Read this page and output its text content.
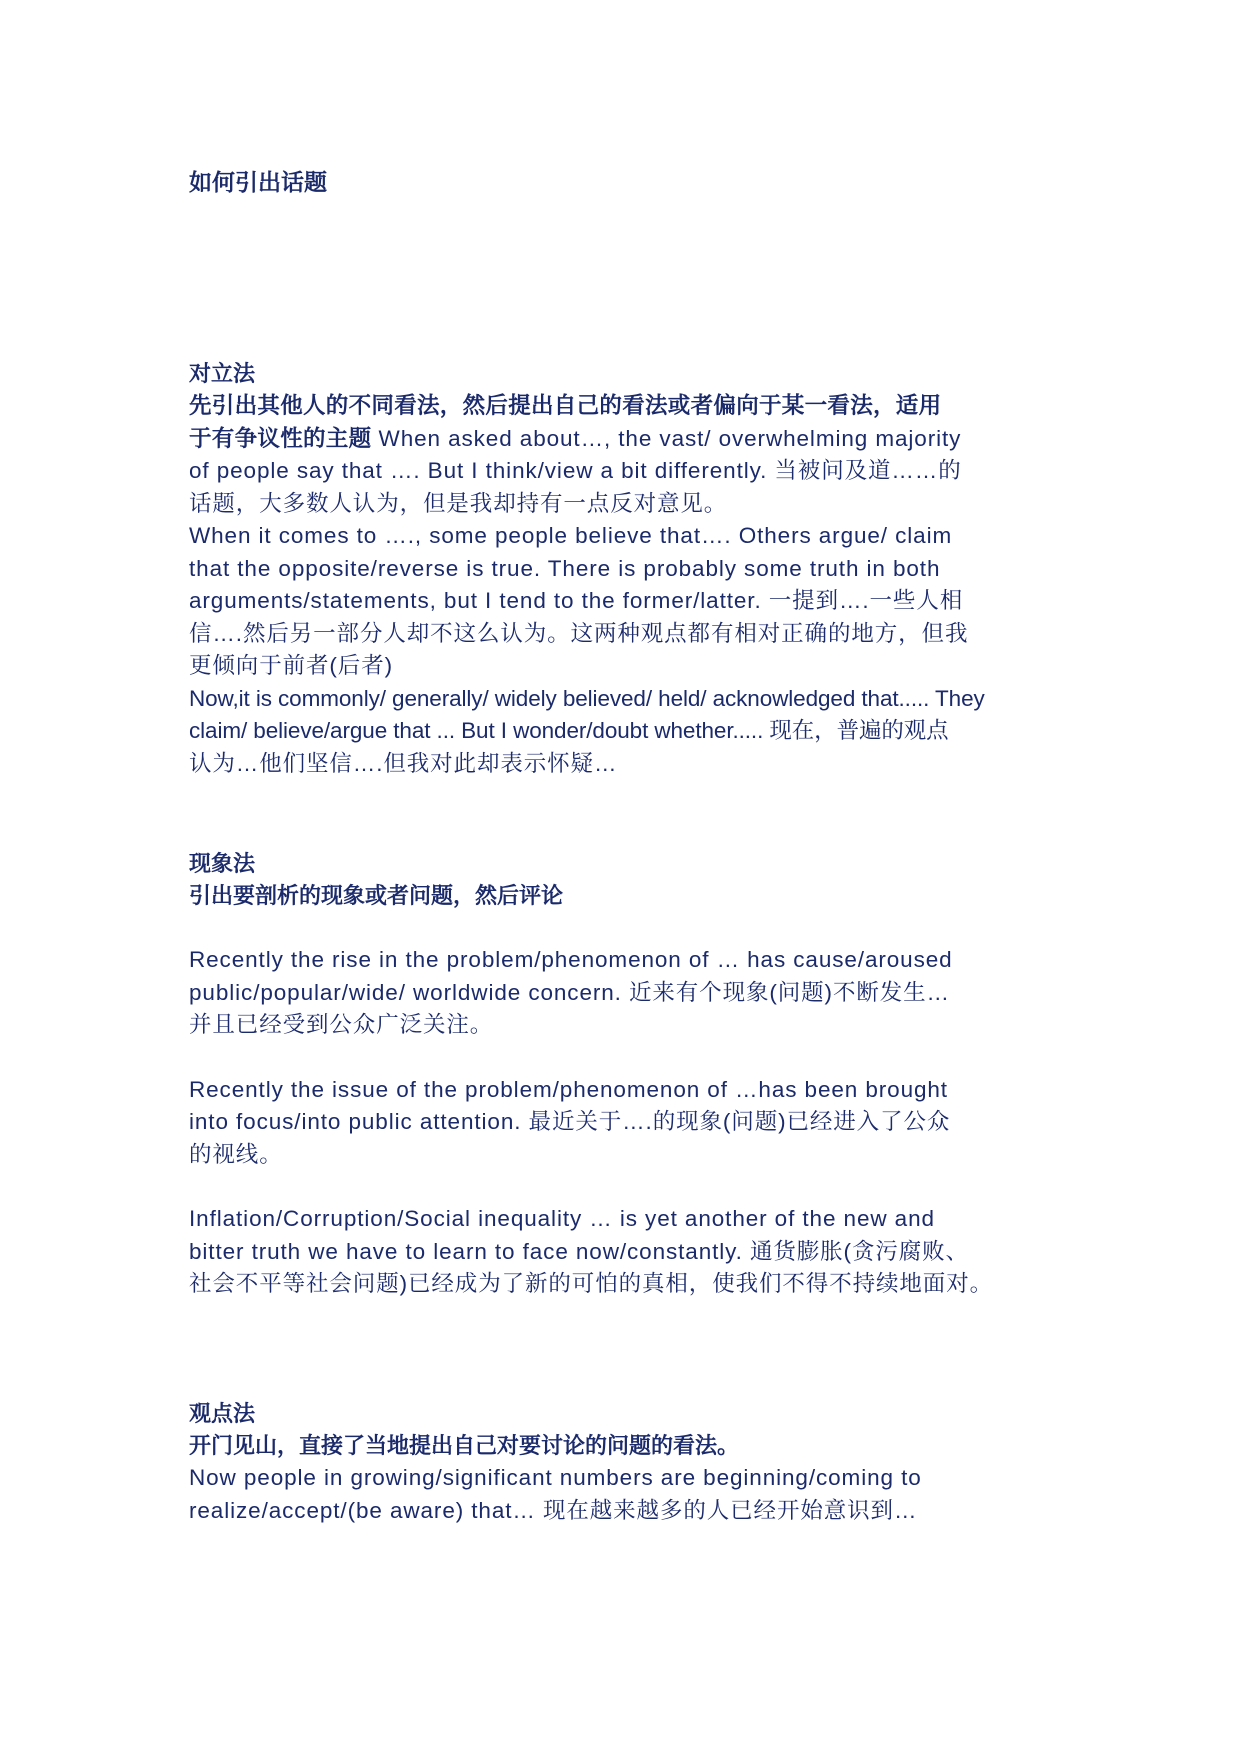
如何引出话题
对立法
先引出其他人的不同看法，然后提出自己的看法或者偏向于某一看法，适用
于有争议性的主题 When asked about…, the vast/ overwhelming majority
of people say that …. But I think/view a bit differently. 当被问及道……的
话题，大多数人认为，但是我却持有一点反对意见。
When it comes to …., some people believe that…. Others argue/ claim
that the opposite/reverse is true. There is probably some truth in both
arguments/statements, but I tend to the former/latter. 一提到….一些人相
信….然后另一部分人却不这么认为。这两种观点都有相对正确的地方，但我
更倾向于前者(后者)
Now,it is commonly/ generally/ widely believed/ held/ acknowledged that..... They
claim/ believe/argue that ... But I wonder/doubt whether..... 现在，普遍的观点
认为…他们坚信….但我对此却表示怀疑…
现象法
引出要剖析的现象或者问题，然后评论
Recently the rise in the problem/phenomenon of … has cause/aroused
public/popular/wide/ worldwide concern. 近来有个现象(问题)不断发生…
并且已经受到公众广泛关注。
Recently the issue of the problem/phenomenon of …has been brought
into focus/into public attention. 最近关于….的现象(问题)已经进入了公众
的视线。
Inflation/Corruption/Social inequality … is yet another of the new and
bitter truth we have to learn to face now/constantly. 通货膨胀(贪污腐败、
社会不平等社会问题)已经成为了新的可怕的真相，使我们不得不持续地面对。
观点法
开门见山，直接了当地提出自己对要讨论的问题的看法。
Now people in growing/significant numbers are beginning/coming to
realize/accept/(be aware) that… 现在越来越多的人已经开始意识到…
